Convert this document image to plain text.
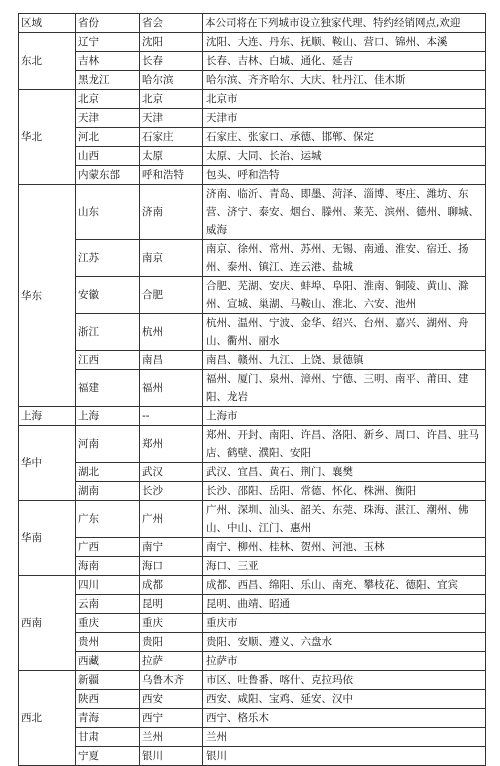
区域	省份	省会	本公司将在下列城市设立独家代理、特约经销网点,欢迎
东北	辽宁	沈阳	沈阳、大连、丹东、抚顺、鞍山、营口、锦州、本溪
	吉林	长春	长春、吉林、白城、通化、延吉
	黑龙江	哈尔滨	哈尔滨、齐齐哈尔、大庆、牡丹江、佳木斯
华北	北京	北京	北京市
	天津	天津	天津市
	河北	石家庄	石家庄、张家口、承德、邯郸、保定
	山西	太原	太原、大同、长治、运城
	内蒙东部	呼和浩特	包头、呼和浩特
华东	山东	济南	济南、临沂、青岛、即墨、菏泽、淄博、枣庄、潍坊、东营、济宁、泰安、烟台、滕州、莱芜、滨州、德州、聊城、威海
	江苏	南京	南京、徐州、常州、苏州、无锡、南通、淮安、宿迁、扬州、泰州、镇江、连云港、盐城
	安徽	合肥	合肥、芜湖、安庆、蚌埠、阜阳、淮南、铜陵、黄山、滁州、宣城、巢湖、马鞍山、淮北、六安、池州
	浙江	杭州	杭州、温州、宁波、金华、绍兴、台州、嘉兴、湖州、舟山、衢州、丽水
	江西	南昌	南昌、赣州、九江、上饶、景德镇
	福建	福州	福州、厦门、泉州、漳州、宁德、三明、南平、莆田、建阳、龙岩
上海	上海	--	上海市
华中	河南	郑州	郑州、开封、南阳、许昌、洛阳、新乡、周口、许昌、驻马店、鹤壁、濮阳、安阳
	湖北	武汉	武汉、宜昌、黄石、荆门、襄樊
	湖南	长沙	长沙、邵阳、岳阳、常德、怀化、株洲、衡阳
华南	广东	广州	广州、深圳、汕头、韶关、东莞、珠海、湛江、潮州、佛山、中山、江门、惠州
	广西	南宁	南宁、柳州、桂林、贺州、河池、玉林
	海南	海口	海口、三亚
西南	四川	成都	成都、西昌、绵阳、乐山、南充、攀枝花、德阳、宜宾
	云南	昆明	昆明、曲靖、昭通
	重庆	重庆	重庆市
	贵州	贵阳	贵阳、安顺、遵义、六盘水
	西藏	拉萨	拉萨市
西北	新疆	乌鲁木齐	市区、吐鲁番、喀什、克拉玛依
	陕西	西安	西安、咸阳、宝鸡、延安、汉中
	青海	西宁	西宁、格乐木
	甘肃	兰州	兰州
	宁夏	银川	银川
